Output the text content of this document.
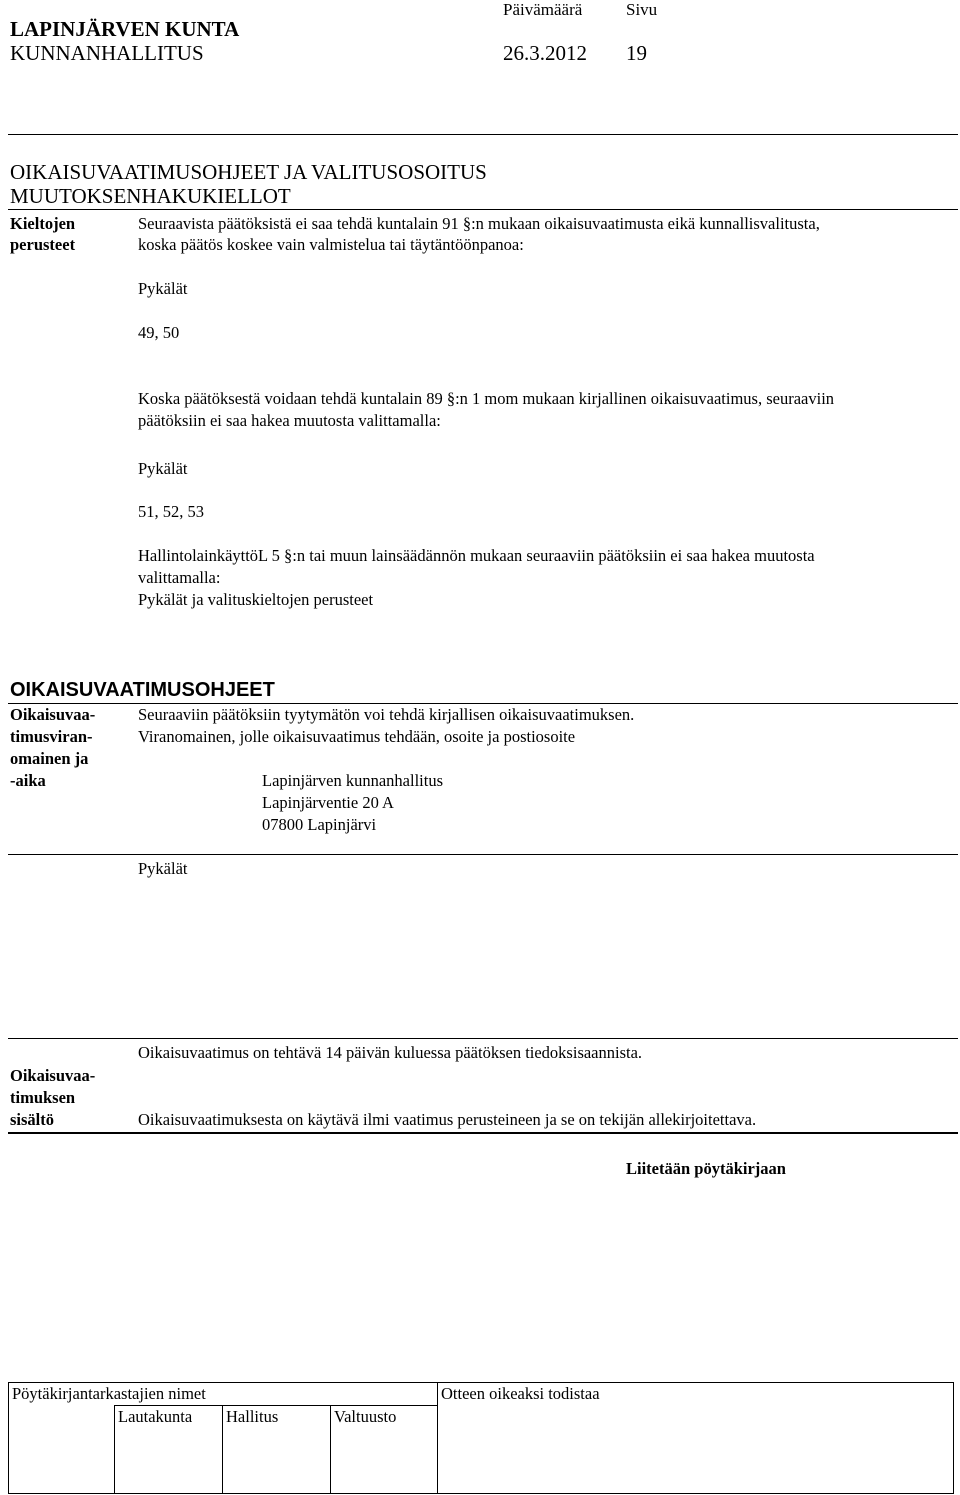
LAPINJÄRVEN KUNTA
KUNNANHALLITUS
Päivämäärä	Sivu
26.3.2012 19
OIKAISUVAATIMUSOHJEET JA VALITUSOSOITUS
MUUTOKSENHAKUKIELLOT
Kieltojen
perusteet
Seuraavista päätöksistä ei saa tehdä kuntalain 91 §:n mukaan oikaisuvaatimusta eikä kunnallisvalitusta,
koska päätös koskee vain valmistelua tai täytäntöönpanoa:
Pykälät
49, 50
Koska päätöksestä voidaan tehdä kuntalain 89 §:n 1 mom mukaan kirjallinen oikaisuvaatimus, seuraaviin
päätöksiin ei saa hakea muutosta valittamalla:
Pykälät
51, 52, 53
HallintolainkäyttöL 5 §:n tai muun lainsäädännön mukaan seuraaviin päätöksiin ei saa hakea muutosta
valittamalla:
Pykälät ja valituskieltojen perusteet
OIKAISUVAATIMUSOHJEET
Oikaisuvaa-
timusviran-
omainen ja
-aika
Seuraaviin päätöksiin tyytymätön voi tehdä kirjallisen oikaisuvaatimuksen.
Viranomainen, jolle oikaisuvaatimus tehdään, osoite ja postiosoite
Lapinjärven kunnanhallitus
Lapinjärventie 20 A
07800 Lapinjärvi
Pykälät
Oikaisuvaatimus on tehtävä 14 päivän kuluessa päätöksen tiedoksisaannista.
Oikaisuvaa-
timuksen
sisältö	Oikaisuvaatimuksesta on käytävä ilmi vaatimus perusteineen ja se on tekijän allekirjoitettava.
Liitetään pöytäkirjaan
Pöytäkirjantarkastajien nimet	Otteen oikeaksi todistaa
Lautakunta Hallitus	Valtuusto
